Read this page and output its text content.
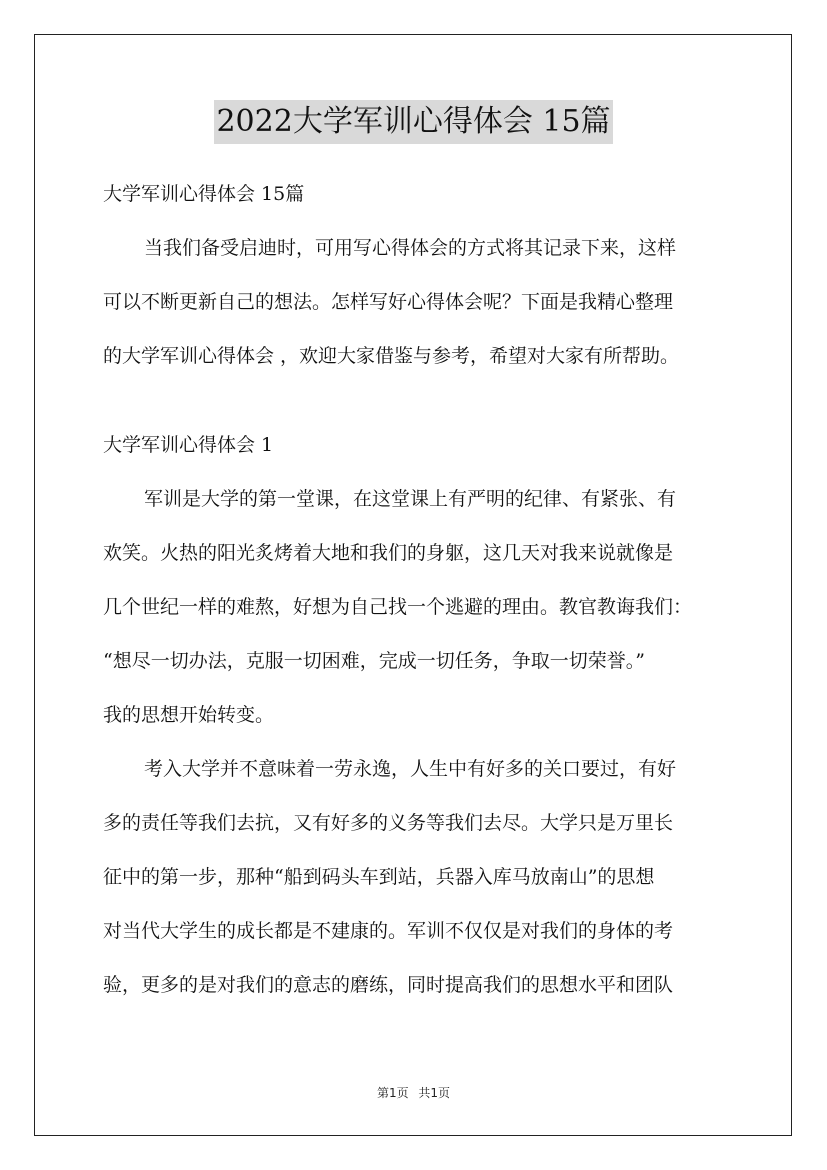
2022大学军训心得体会 15篇
大学军训心得体会 15篇
当我们备受启迪时，可用写心得体会的方式将其记录下来，这样
可以不断更新自己的想法。怎样写好心得体会呢？下面是我精心整理
的大学军训心得体会 ，欢迎大家借鉴与参考，希望对大家有所帮助。
大学军训心得体会 1
军训是大学的第一堂课，在这堂课上有严明的纪律、有紧张、有
欢笑。火热的阳光炙烤着大地和我们的身躯，这几天对我来说就像是
几个世纪一样的难熬，好想为自己找一个逃避的理由。教官教诲我们：
“想尽一切办法，克服一切困难，完成一切任务，争取一切荣誉。”
我的思想开始转变。
考入大学并不意味着一劳永逸，人生中有好多的关口要过，有好
多的责任等我们去抗，又有好多的义务等我们去尽。大学只是万里长
征中的第一步，那种“船到码头车到站，兵器入库马放南山”的思想
对当代大学生的成长都是不建康的。军训不仅仅是对我们的身体的考
验，更多的是对我们的意志的磨练，同时提高我们的思想水平和团队
第1页 共1页
